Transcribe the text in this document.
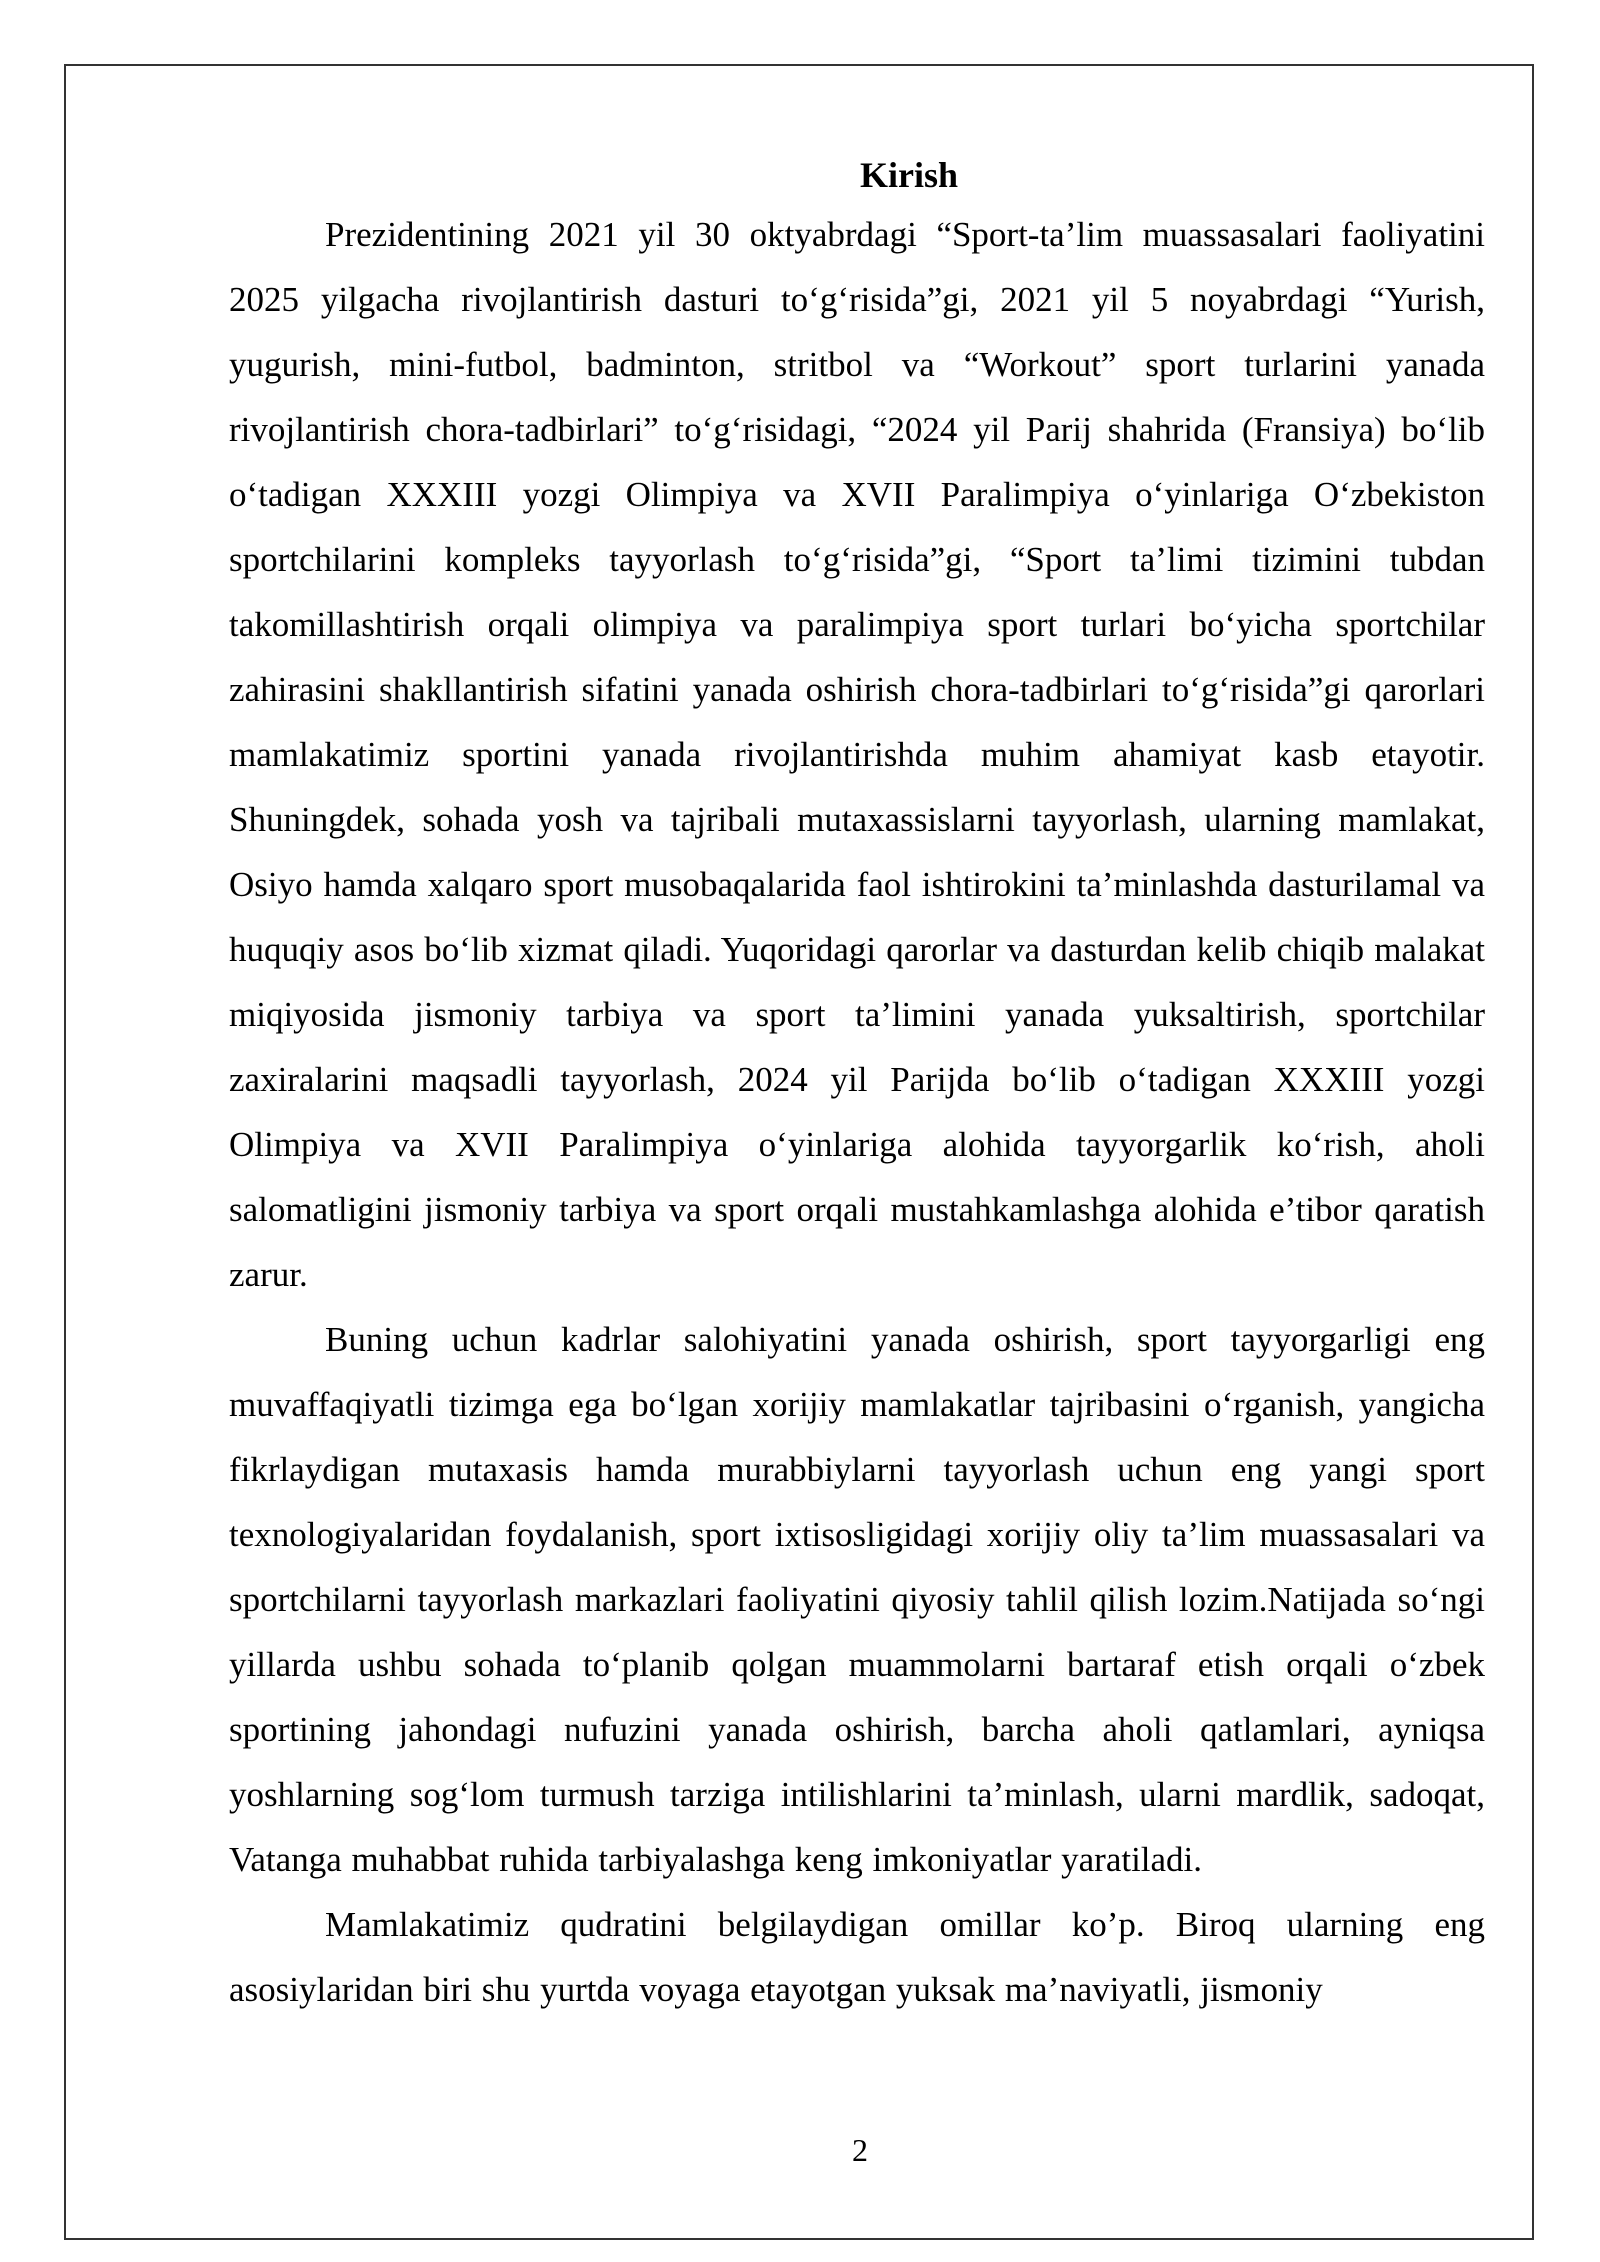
Kirish

Prezidentining 2021 yil 30 oktyabrdagi “Sport-ta’lim muassasalari faoliyatini 2025 yilgacha rivojlantirish dasturi to‘g‘risida”gi, 2021 yil 5 noyabrdagi “Yurish, yugurish, mini-futbol, badminton, stritbol va “Workout” sport turlarini yanada rivojlantirish chora-tadbirlari” to‘g‘risidagi, “2024 yil Parij shahrida (Fransiya) bo‘lib o‘tadigan XXXIII yozgi Olimpiya va XVII Paralimpiya o‘yinlariga O‘zbekiston sportchilarini kompleks tayyorlash to‘g‘risida”gi, “Sport ta’limi tizimini tubdan takomillashtirish orqali olimpiya va paralimpiya sport turlari bo‘yicha sportchilar zahirasini shakllantirish sifatini yanada oshirish chora-tadbirlari to‘g‘risida”gi qarorlari mamlakatimiz sportini yanada rivojlantirishda muhim ahamiyat kasb etayotir. Shuningdek, sohada yosh va tajribali mutaxassislarni tayyorlash, ularning mamlakat, Osiyo hamda xalqaro sport musobaqalarida faol ishtirokini ta’minlashda dasturilamal va huquqiy asos bo‘lib xizmat qiladi. Yuqoridagi qarorlar va dasturdan kelib chiqib malakat miqiyosida jismoniy tarbiya va sport ta’limini yanada yuksaltirish, sportchilar zaxiralarini maqsadli tayyorlash, 2024 yil Parijda bo‘lib o‘tadigan XXXIII yozgi Olimpiya va XVII Paralimpiya o‘yinlariga alohida tayyorgarlik ko‘rish, aholi salomatligini jismoniy tarbiya va sport orqali mustahkamlashga alohida e’tibor qaratish zarur.

Buning uchun kadrlar salohiyatini yanada oshirish, sport tayyorgarligi eng muvaffaqiyatli tizimga ega bo‘lgan xorijiy mamlakatlar tajribasini o‘rganish, yangicha fikrlaydigan mutaxasis hamda murabbiylarni tayyorlash uchun eng yangi sport texnologiyalaridan foydalanish, sport ixtisosligidagi xorijiy oliy ta’lim muassasalari va sportchilarni tayyorlash markazlari faoliyatini qiyosiy tahlil qilish lozim.Natijada so‘ngi yillarda ushbu sohada to‘planib qolgan muammolarni bartaraf etish orqali o‘zbek sportining jahondagi nufuzini yanada oshirish, barcha aholi qatlamlari, ayniqsa yoshlarning sog‘lom turmush tarziga intilishlarini ta’minlash, ularni mardlik, sadoqat, Vatanga muhabbat ruhida tarbiyalashga keng imkoniyatlar yaratiladi.

Mamlakatimiz qudratini belgilaydigan omillar ko’p. Biroq ularning eng asosiylaridan biri shu yurtda voyaga etayotgan yuksak ma’naviyatli, jismoniy

2
